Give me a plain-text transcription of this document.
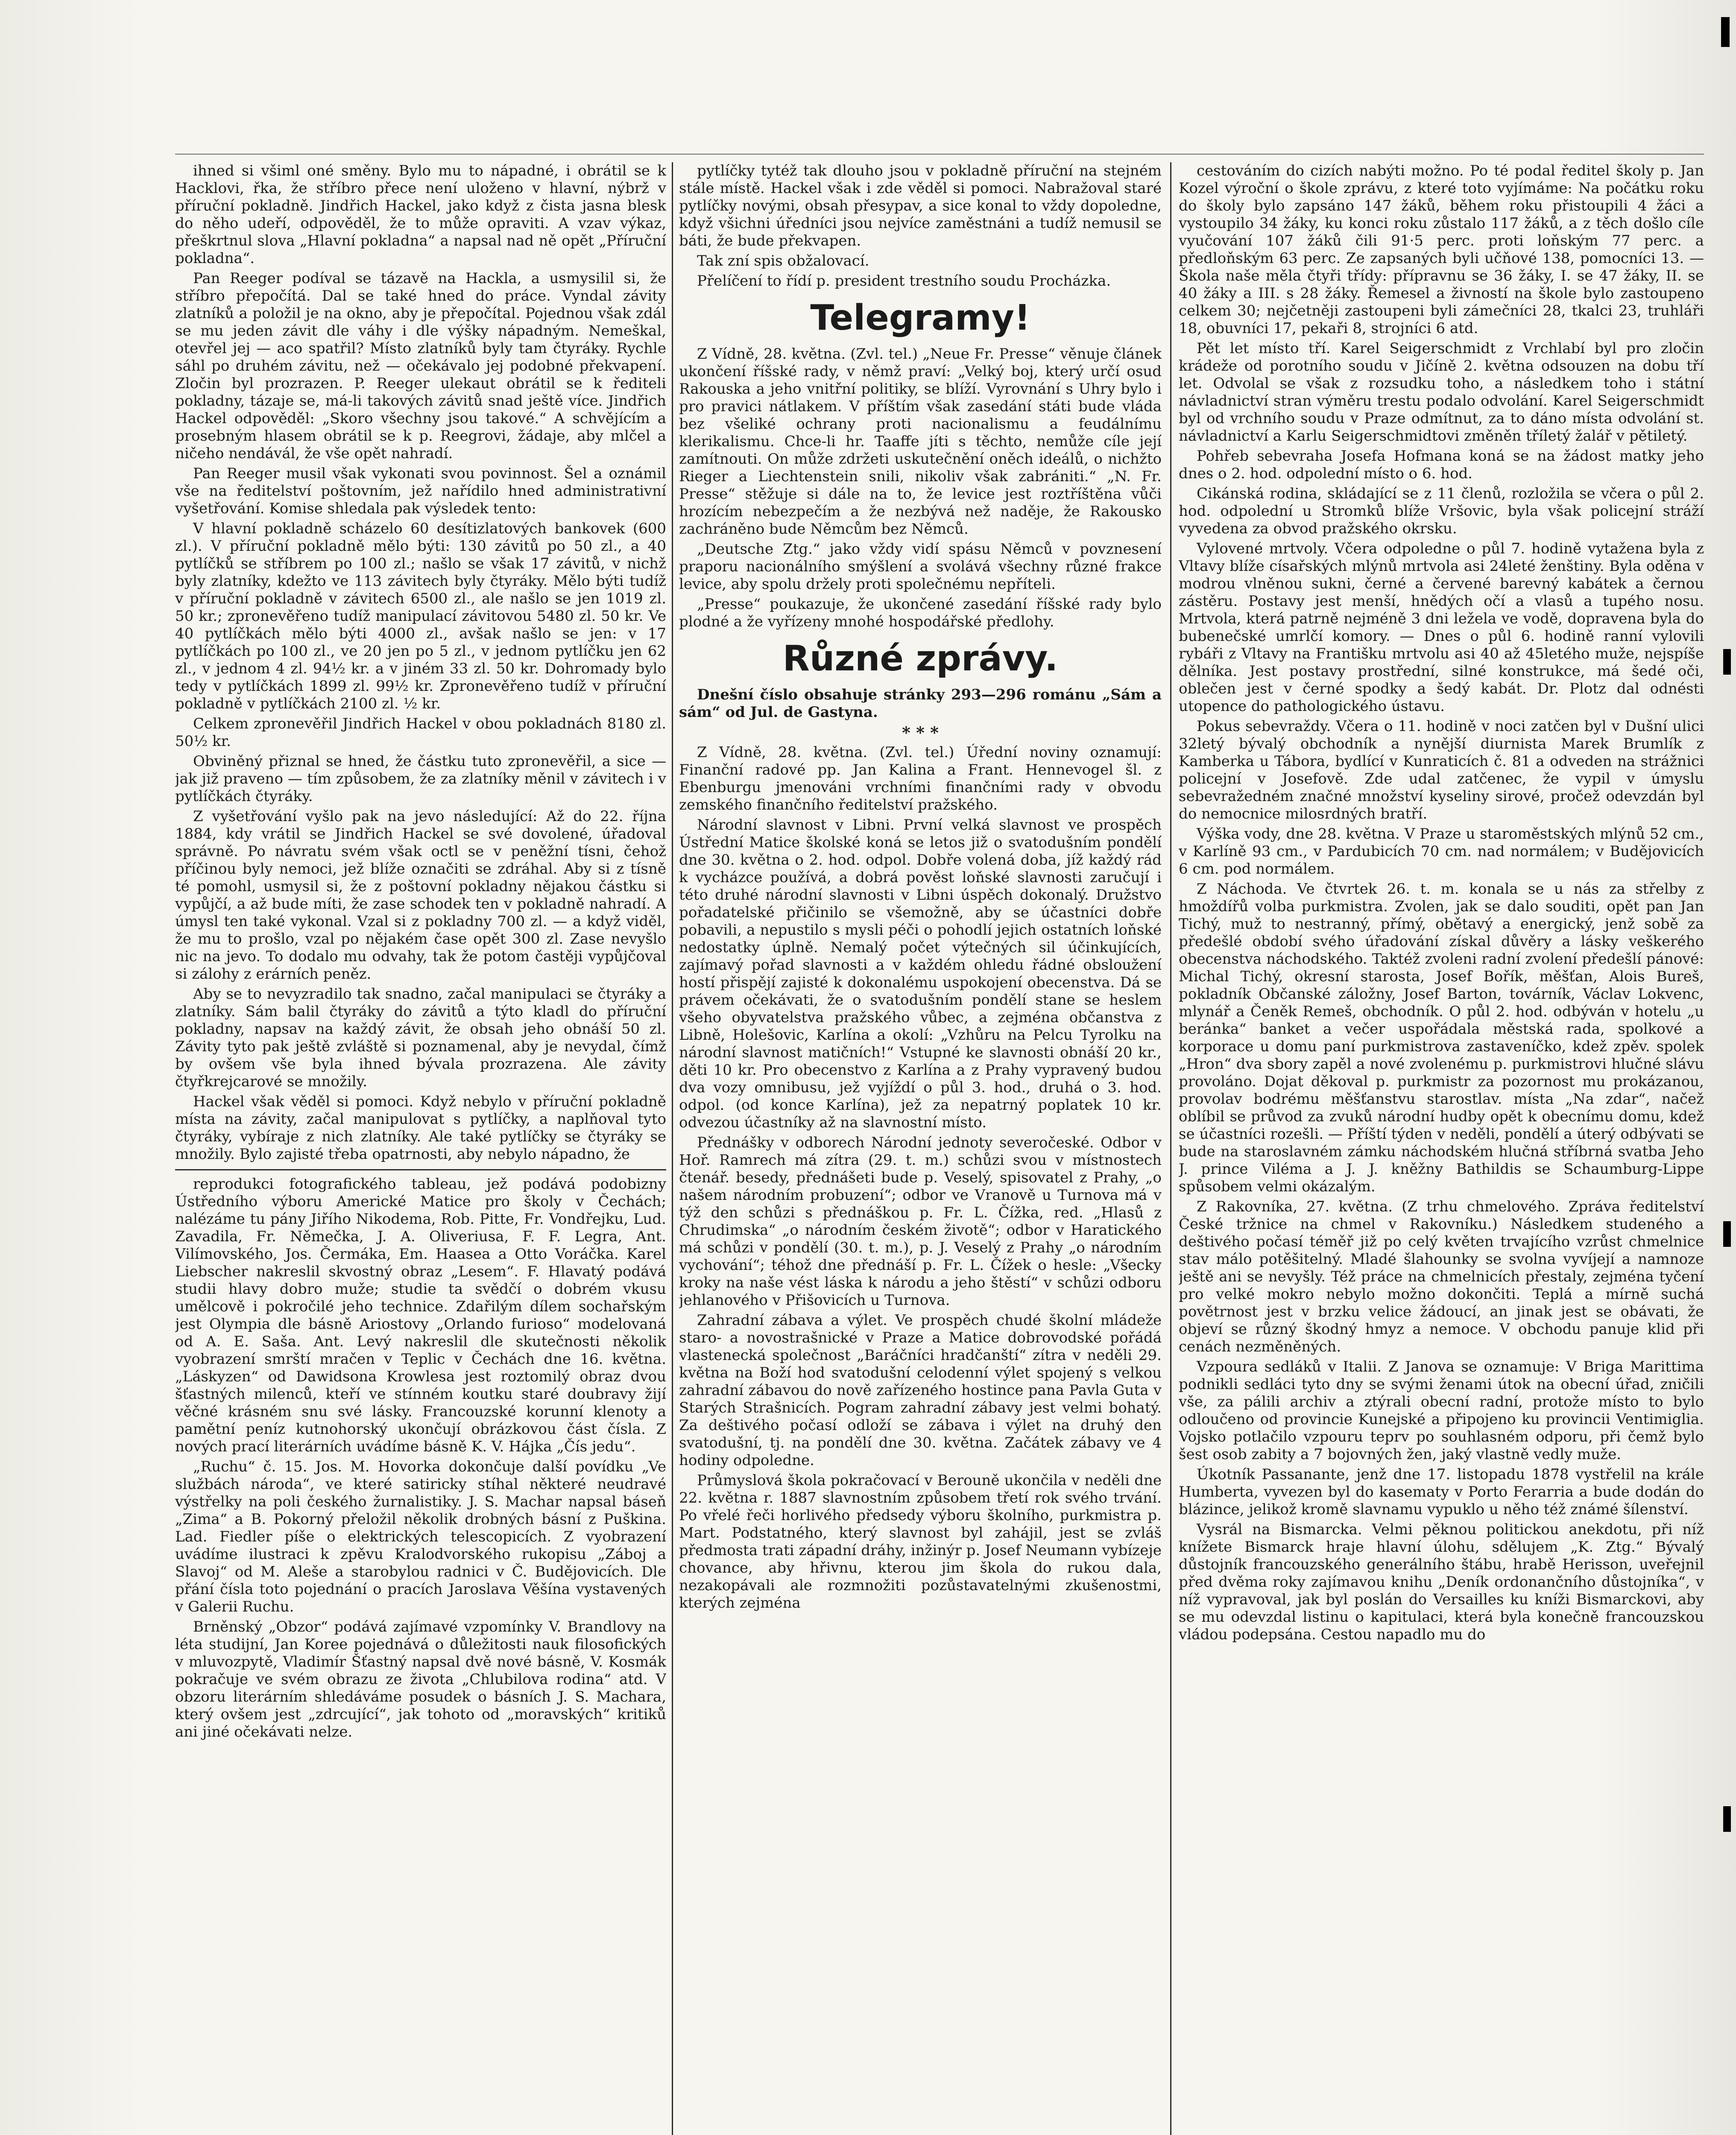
ihned si všiml oné směny. Bylo mu to nápadné, i obrátil se k Hacklovi, řka, že stříbro přece není uloženo v hlavní, nýbrž v příruční pokladně. Jindřich Hackel, jako když z čista jasna blesk do něho udeří, odpověděl, že to může opraviti. A vzav výkaz, přeškrtnul slova „Hlavní pokladna“ a napsal nad ně opět „Příruční pokladna“.

Pan Reeger podíval se tázavě na Hackla, a usmysilil si, že stříbro přepočítá. Dal se také hned do práce. Vyndal závity zlatníků a položil je na okno, aby je přepočítal. Pojednou však zdál se mu jeden závit dle váhy i dle výšky nápadným. Nemeškal, otevřel jej — aco spatřil? Místo zlatníků byly tam čtyráky. Rychle sáhl po druhém závitu, než — očekávalo jej podobné překvapení. Zločin byl prozrazen. P. Reeger ulekaut obrátil se k řediteli pokladny, tázaje se, má-li takových závitů snad ještě více. Jindřich Hackel odpověděl: „Skoro všechny jsou takové.“ A schvějícím a prosebným hlasem obrátil se k p. Reegrovi, žádaje, aby mlčel a ničeho nendávál, že vše opět nahradí.

Pan Reeger musil však vykonati svou povinnost. Šel a oznámil vše na ředitelství poštovním, jež nařídilo hned administrativní vyšetřování. Komise shledala pak výsledek tento:

V hlavní pokladně scházelo 60 desítizlatových bankovek (600 zl.). V příruční pokladně mělo býti: 130 závitů po 50 zl., a 40 pytlíčků se stříbrem po 100 zl.; našlo se však 17 závitů, v nichž byly zlatníky, kdežto ve 113 závitech byly čtyráky. Mělo býti tudíž v příruční pokladně v závitech 6500 zl., ale našlo se jen 1019 zl. 50 kr.; zpronevěřeno tudíž manipulací závitovou 5480 zl. 50 kr. Ve 40 pytlíčkách mělo býti 4000 zl., avšak našlo se jen: v 17 pytlíčkách po 100 zl., ve 20 jen po 5 zl., v jednom pytlíčku jen 62 zl., v jednom 4 zl. 94½ kr. a v jiném 33 zl. 50 kr. Dohromady bylo tedy v pytlíčkách 1899 zl. 99½ kr. Zpronevěřeno tudíž v příruční pokladně v pytlíčkách 2100 zl. ½ kr.

Celkem zpronevěřil Jindřich Hackel v obou pokladnách 8180 zl. 50½ kr.

Obviněný přiznal se hned, že částku tuto zpronevěřil, a sice — jak již praveno — tím způsobem, že za zlatníky měnil v závitech i v pytlíčkách čtyráky.

Z vyšetřování vyšlo pak na jevo následující: Až do 22. října 1884, kdy vrátil se Jindřich Hackel se své dovolené, úřadoval správně. Po návratu svém však octl se v peněžní tísni, čehož příčinou byly nemoci, jež blíže označiti se zdráhal. Aby si z tísně té pomohl, usmysil si, že z poštovní pokladny nějakou částku si vypůjčí, a až bude míti, že zase schodek ten v pokladně nahradí. A úmysl ten také vykonal. Vzal si z pokladny 700 zl. — a když viděl, že mu to prošlo, vzal po nějakém čase opět 300 zl. Zase nevyšlo nic na jevo. To dodalo mu odvahy, tak že potom častěji vypůjčoval si zálohy z erárních peněz.

Aby se to nevyzradilo tak snadno, začal manipulaci se čtyráky a zlatníky. Sám balil čtyráky do závitů a týto kladl do příruční pokladny, napsav na každý závit, že obsah jeho obnáší 50 zl. Závity tyto pak ještě zvláště si poznamenal, aby je nevydal, čímž by ovšem vše byla ihned bývala prozrazena. Ale závity čtyřkrejcarové se množily.

Hackel však věděl si pomoci. Když nebylo v příruční pokladně místa na závity, začal manipulovat s pytlíčky, a naplňoval tyto čtyráky, vybíraje z nich zlatníky. Ale také pytlíčky se čtyráky se množily. Bylo zajisté třeba opatrnosti, aby nebylo nápadno, že

reprodukci fotografického tableau, jež podává podobizny Ústředního výboru Americké Matice pro školy v Čechách; nalézáme tu pány Jiřího Nikodema, Rob. Pitte, Fr. Vondřejku, Lud. Zavadila, Fr. Němečka, J. A. Oliveriusa, F. F. Legra, Ant. Vilímovského, Jos. Čermáka, Em. Haasea a Otto Voráčka. Karel Liebscher nakreslil skvostný obraz „Lesem“. F. Hlavatý podává studii hlavy dobro muže; studie ta svědčí o dobrém vkusu umělcově i pokročilé jeho technice. Zdařilým dílem sochařským jest Olympia dle básně Ariostovy „Orlando furioso“ modelovaná od A. E. Saša. Ant. Levý nakreslil dle skutečnosti několik vyobrazení smrští mračen v Teplic v Čechách dne 16. května. „Láskyzen“ od Dawidsona Krowlesa jest roztomilý obraz dvou šťastných milenců, kteří ve stínném koutku staré doubravy žijí věčné krásném snu své lásky. Francouzské korunní klenoty a pamětní peníz kutnohorský ukončují obrázkovou část čísla. Z nových prací literárních uvádíme básně K. V. Hájka „Čís jedu“.

„Ruchu“ č. 15. Jos. M. Hovorka dokončuje další povídku „Ve službách národa“, ve které satiricky stíhal některé neudravé výstřelky na poli českého žurnalistiky. J. S. Machar napsal báseň „Zima“ a B. Pokorný přeložil několik drobných básní z Puškina. Lad. Fiedler píše o elektrických telescopicích. Z vyobrazení uvádíme ilustraci k zpěvu Kralodvorského rukopisu „Záboj a Slavoj“ od M. Aleše a starobylou radnici v Č. Budějovicích. Dle přání čísla toto pojednání o pracích Jaroslava Věšína vystavených v Galerii Ruchu.

Brněnský „Obzor“ podává zajímavé vzpomínky V. Brandlovy na léta studijní, Jan Koree pojednává o důležitosti nauk filosofických v mluvozpytě, Vladimír Šťastný napsal dvě nové básně, V. Kosmák pokračuje ve svém obrazu ze života „Chlubilova rodina“ atd. V obzoru literárním shledáváme posudek o básních J. S. Machara, který ovšem jest „zdrcující“, jak tohoto od „moravských“ kritiků ani jiné očekávati nelze.

pytlíčky tytéž tak dlouho jsou v pokladně příruční na stejném stále místě. Hackel však i zde věděl si pomoci. Nabražoval staré pytlíčky novými, obsah přesypav, a sice konal to vždy dopoledne, když všichni úředníci jsou nejvíce zaměstnáni a tudíž nemusil se báti, že bude překvapen.

Tak zní spis obžalovací.

Přelíčení to řídí p. president trestního soudu Procházka.

Telegramy!

Z Vídně, 28. května. (Zvl. tel.) „Neue Fr. Presse“ věnuje článek ukončení říšské rady, v němž praví: „Velký boj, který určí osud Rakouska a jeho vnitřní politiky, se blíží. Vyrovnání s Uhry bylo i pro pravici nátlakem. V příštím však zasedání státi bude vláda bez všeliké ochrany proti nacionalismu a feudálnímu klerikalismu. Chce-li hr. Taaffe jíti s těchto, nemůže cíle její zamítnouti. On může zdržeti uskutečnění oněch ideálů, o nichžto Rieger a Liechtenstein snili, nikoliv však zabrániti.“ „N. Fr. Presse“ stěžuje si dále na to, že levice jest roztříštěna vůči hrozícím nebezpečím a že nezbývá než naděje, že Rakousko zachráněno bude Němcům bez Němců.

„Deutsche Ztg.“ jako vždy vidí spásu Němců v povznesení praporu nacionálního smýšlení a svolává všechny různé frakce levice, aby spolu držely proti společnému nepříteli.

„Presse“ poukazuje, že ukončené zasedání říšské rady bylo plodné a že vyřízeny mnohé hospodářské předlohy.

Různé zprávy.

Dnešní číslo obsahuje stránky 293—296 románu „Sám a sám“ od Jul. de Gastyna.

* * *

Z Vídně, 28. května. (Zvl. tel.) Úřední noviny oznamují: Finanční radové pp. Jan Kalina a Frant. Hennevogel šl. z Ebenburgu jmenováni vrchními finančními rady v obvodu zemského finančního ředitelství pražského.

Národní slavnost v Libni. První velká slavnost ve prospěch Ústřední Matice školské koná se letos již o svatodušním pondělí dne 30. května o 2. hod. odpol. Dobře volená doba, jíž každý rád k vycházce používá, a dobrá pověst loňské slavnosti zaručují i této druhé národní slavnosti v Libni úspěch dokonalý. Družstvo pořadatelské přičinilo se všemožně, aby se účastníci dobře pobavili, a nepustilo s mysli péči o pohodlí jejich ostatních loňské nedostatky úplně. Nemalý počet výtečných sil účinkujících, zajímavý pořad slavnosti a v každém ohledu řádné obsloužení hostí přispějí zajisté k dokonalému uspokojení obecenstva. Dá se právem očekávati, že o svatodušním pondělí stane se heslem všeho obyvatelstva pražského vůbec, a zejména občanstva z Libně, Holešovic, Karlína a okolí: „Vzhůru na Pelcu Tyrolku na národní slavnost matičních!“ Vstupné ke slavnosti obnáší 20 kr., děti 10 kr. Pro obecenstvo z Karlína a z Prahy vypravený budou dva vozy omnibusu, jež vyjíždí o půl 3. hod., druhá o 3. hod. odpol. (od konce Karlína), jež za nepatrný poplatek 10 kr. odvezou účastníky až na slavnostní místo.

Přednášky v odborech Národní jednoty severočeské. Odbor v Hoř. Ramrech má zítra (29. t. m.) schůzi svou v místnostech čtenář. besedy, přednášeti bude p. Veselý, spisovatel z Prahy, „o našem národním probuzení“; odbor ve Vranově u Turnova má v týž den schůzi s přednáškou p. Fr. L. Čížka, red. „Hlasů z Chrudimska“ „o národním českém životě“; odbor v Haratického má schůzi v pondělí (30. t. m.), p. J. Veselý z Prahy „o národním vychování“; téhož dne přednáší p. Fr. L. Čížek o hesle: „Všecky kroky na naše vést láska k národu a jeho štěstí“ v schůzi odboru jehlanového v Přišovicích u Turnova.

Zahradní zábava a výlet. Ve prospěch chudé školní mládeže staro- a novostrašnické v Praze a Matice dobrovodské pořádá vlastenecká společnost „Baráčníci hradčanští“ zítra v neděli 29. května na Boží hod svatodušní celodenní výlet spojený s velkou zahradní zábavou do nově zařízeného hostince pana Pavla Guta v Starých Strašnicích. Pogram zahradní zábavy jest velmi bohatý. Za deštivého počasí odloží se zábava i výlet na druhý den svatodušní, tj. na pondělí dne 30. května. Začátek zábavy ve 4 hodiny odpoledne.

Průmyslová škola pokračovací v Berouně ukončila v neděli dne 22. května r. 1887 slavnostním způsobem třetí rok svého trvání. Po vřelé řeči horlivého předsedy výboru školního, purkmistra p. Mart. Podstatného, který slavnost byl zahájil, jest se zvláš předmosta trati západní dráhy, inžinýr p. Josef Neumann vybízeje chovance, aby hřivnu, kterou jim škola do rukou dala, nezakopávali ale rozmnožiti pozůstavatelnými zkušenostmi, kterých zejména

cestováním do cizích nabýti možno. Po té podal ředitel školy p. Jan Kozel výroční o škole zprávu, z které toto vyjímáme: Na počátku roku do školy bylo zapsáno 147 žáků, během roku přistoupili 4 žáci a vystoupilo 34 žáky, ku konci roku zůstalo 117 žáků, a z těch došlo cíle vyučování 107 žáků čili 91·5 perc. proti loňským 77 perc. a předloňským 63 perc. Ze zapsaných byli učňové 138, pomocníci 13. — Škola naše měla čtyři třídy: přípravnu se 36 žáky, I. se 47 žáky, II. se 40 žáky a III. s 28 žáky. Řemesel a živností na škole bylo zastoupeno celkem 30; nejčetněji zastoupeni byli zámečníci 28, tkalci 23, truhláři 18, obuvníci 17, pekaři 8, strojníci 6 atd.

Pět let místo tří. Karel Seigerschmidt z Vrchlabí byl pro zločin krádeže od porotního soudu v Jičíně 2. května odsouzen na dobu tří let. Odvolal se však z rozsudku toho, a následkem toho i státní návladnictví stran výměru trestu podalo odvolání. Karel Seigerschmidt byl od vrchního soudu v Praze odmítnut, za to dáno místa odvolání st. návladnictví a Karlu Seigerschmidtovi změněn tříletý žalář v pětiletý.

Pohřeb sebevraha Josefa Hofmana koná se na žádost matky jeho dnes o 2. hod. odpolední místo o 6. hod.

Cikánská rodina, skládající se z 11 členů, rozložila se včera o půl 2. hod. odpolední u Stromků blíže Vršovic, byla však policejní stráží vyvedena za obvod pražského okrsku.

Vylovené mrtvoly. Včera odpoledne o půl 7. hodině vytažena byla z Vltavy blíže císařských mlýnů mrtvola asi 24leté ženštiny. Byla oděna v modrou vlněnou sukni, černé a červené barevný kabátek a černou zástěru. Postavy jest menší, hnědých očí a vlasů a tupého nosu. Mrtvola, která patrně nejméně 3 dni ležela ve vodě, dopravena byla do bubenečské umrlčí komory. — Dnes o půl 6. hodině ranní vylovili rybáři z Vltavy na Františku mrtvolu asi 40 až 45letého muže, nejspíše dělníka. Jest postavy prostřední, silné konstrukce, má šedé oči, oblečen jest v černé spodky a šedý kabát. Dr. Plotz dal odnésti utopence do pathologického ústavu.

Pokus sebevraždy. Včera o 11. hodině v noci zatčen byl v Dušní ulici 32letý bývalý obchodník a nynější diurnista Marek Brumlík z Kamberka u Tábora, bydlící v Kunraticích č. 81 a odveden na strážnici policejní v Josefově. Zde udal zatčenec, že vypil v úmyslu sebevražedném značné množství kyseliny sirové, pročež odevzdán byl do nemocnice milosrdných bratří.

Výška vody, dne 28. května. V Praze u staroměstských mlýnů 52 cm., v Karlíně 93 cm., v Pardubicích 70 cm. nad normálem; v Budějovicích 6 cm. pod normálem.

Z Náchoda. Ve čtvrtek 26. t. m. konala se u nás za střelby z hmoždířů volba purkmistra. Zvolen, jak se dalo souditi, opět pan Jan Tichý, muž to nestranný, přímý, obětavý a energický, jenž sobě za předešlé období svého úřadování získal důvěry a lásky veškerého obecenstva náchodského. Taktéž zvoleni radní zvolení předešlí pánové: Michal Tichý, okresní starosta, Josef Bořík, měšťan, Alois Bureš, pokladník Občanské záložny, Josef Barton, továrník, Václav Lokvenc, mlynář a Čeněk Remeš, obchodník. O půl 2. hod. odbýván v hotelu „u beránka“ banket a večer uspořádala městská rada, spolkové a korporace u domu paní purkmistrova zastaveníčko, kdež zpěv. spolek „Hron“ dva sbory zapěl a nové zvolenému p. purkmistrovi hlučné slávu provoláno. Dojat děkoval p. purkmistr za pozornost mu prokázanou, provolav bodrému měšťanstvu starostlav. místa „Na zdar“, načež oblíbil se průvod za zvuků národní hudby opět k obecnímu domu, kdež se účastníci rozešli. — Příští týden v neděli, pondělí a úterý odbývati se bude na staroslavném zámku náchodském hlučná stříbrná svatba Jeho J. prince Viléma a J. J. kněžny Bathildis se Schaumburg-Lippe spůsobem velmi okázalým.

Z Rakovníka, 27. května. (Z trhu chmelového. Zpráva ředitelství České tržnice na chmel v Rakovníku.) Následkem studeného a deštivého počasí téměř již po celý květen trvajícího vzrůst chmelnice stav málo potěšitelný. Mladé šlahounky se svolna vyvíjejí a namnoze ještě ani se nevyšly. Též práce na chmelnicích přestaly, zejména tyčení pro velké mokro nebylo možno dokončiti. Teplá a mírně suchá povětrnost jest v brzku velice žádoucí, an jinak jest se obávati, že objeví se různý škodný hmyz a nemoce. V obchodu panuje klid při cenách nezměněných.

Vzpoura sedláků v Italii. Z Janova se oznamuje: V Briga Marittima podnikli sedláci tyto dny se svými ženami útok na obecní úřad, zničili vše, za pálili archiv a ztýrali obecní radní, protože místo to bylo odloučeno od provincie Kunejské a připojeno ku provincii Ventimiglia. Vojsko potlačilo vzpouru teprv po souhlasném odporu, při čemž bylo šest osob zabity a 7 bojovných žen, jaký vlastně vedly muže.

Úkotník Passanante, jenž dne 17. listopadu 1878 vystřelil na krále Humberta, vyvezen byl do kasematy v Porto Ferarria a bude dodán do blázince, jelikož kromě slavnamu vypuklo u něho též známé šílenství.

Vysrál na Bismarcka. Velmi pěknou politickou anekdotu, při níž knížete Bismarck hraje hlavní úlohu, sdělujem „K. Ztg.“ Bývalý důstojník francouzského generálního štábu, hrabě Herisson, uveřejnil před dvěma roky zajímavou knihu „Deník ordonančního důstojníka“, v níž vypravoval, jak byl poslán do Versailles ku kníži Bismarckovi, aby se mu odevzdal listinu o kapitulaci, která byla konečně francouzskou vládou podepsána. Cestou napadlo mu do
